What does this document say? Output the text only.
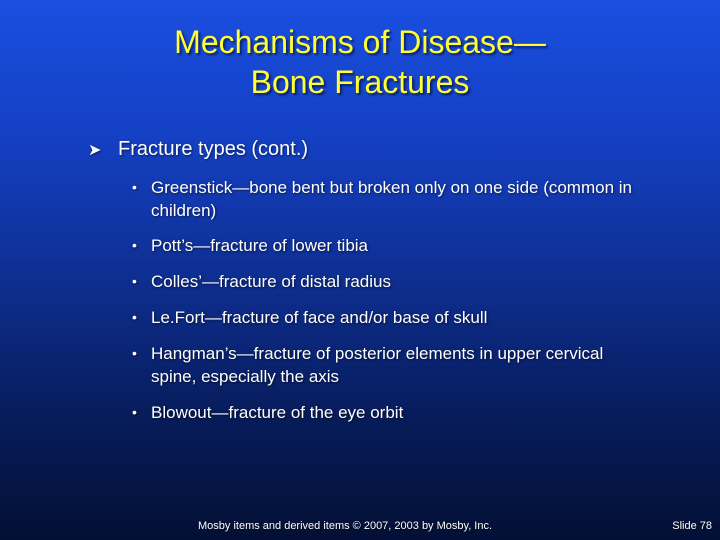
Mechanisms of Disease—
Bone Fractures
➤ Fracture types (cont.)
• Greenstick—bone bent but broken only on one side (common in children)
• Pott’s—fracture of lower tibia
• Colles’—fracture of distal radius
• Le.Fort—fracture of face and/or base of skull
• Hangman’s—fracture of posterior elements in upper cervical spine, especially the axis
• Blowout—fracture of the eye orbit
Mosby items and derived items © 2007, 2003 by Mosby, Inc.	Slide 78
